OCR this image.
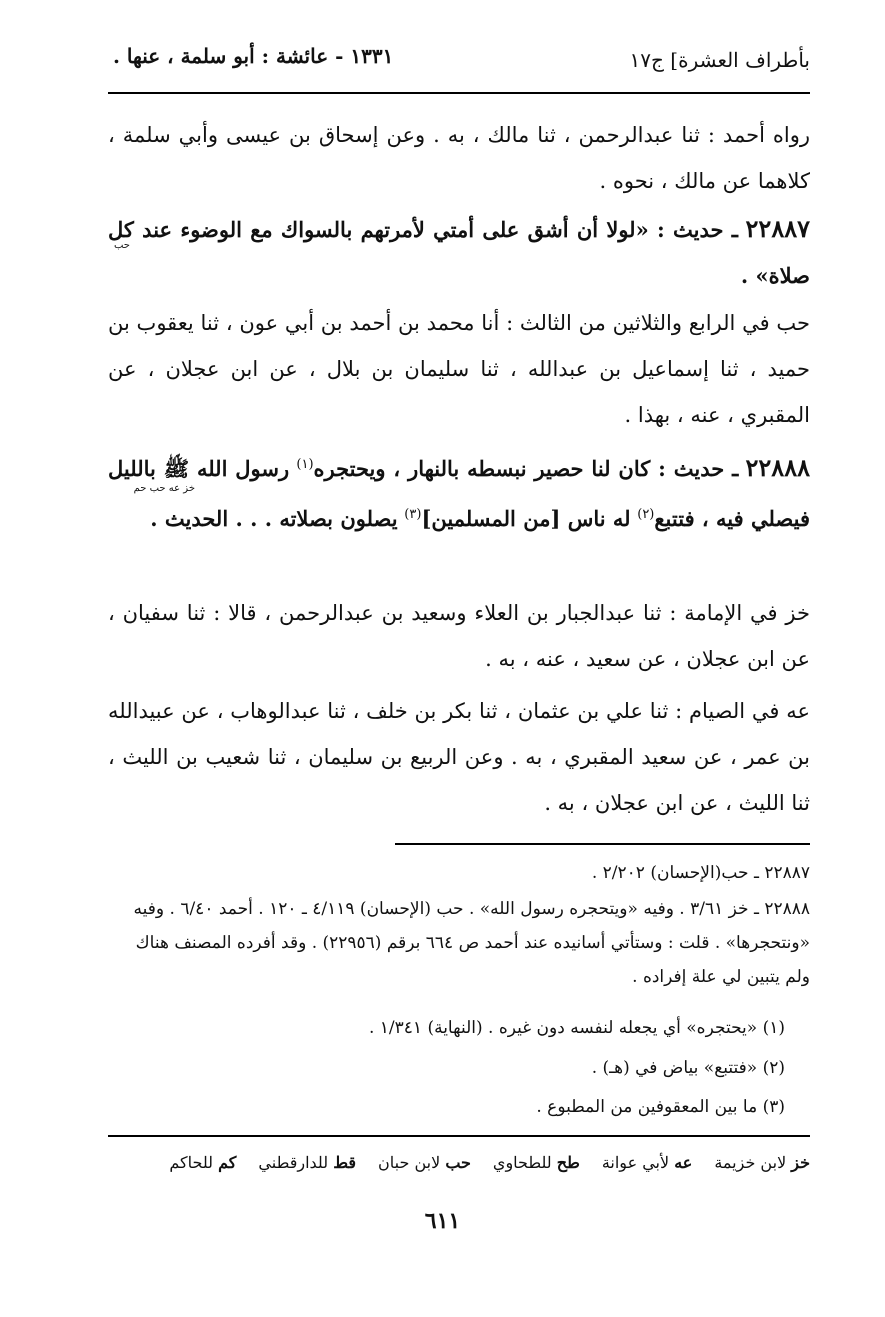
بأطراف العشرة] ج١٧
١٣٣١ - عائشة : أبو سلمة ، عنها .
رواه أحمد : ثنا عبدالرحمن ، ثنا مالك ، به . وعن إسحاق بن عيسى وأبي سلمة ، كلاهما عن مالك ، نحوه .
٢٢٨٨٧ ـ حديث : «لولا أن أشق على أمتي لأمرتهم بالسواك مع الوضوء عند كل صلاة» .
حب
حب في الرابع والثلاثين من الثالث : أنا محمد بن أحمد بن أبي عون ، ثنا يعقوب بن حميد ، ثنا إسماعيل بن عبدالله ، ثنا سليمان بن بلال ، عن ابن عجلان ، عن المقبري ، عنه ، بهذا .
٢٢٨٨٨ ـ حديث : كان لنا حصير نبسطه بالنهار ، ويحتجره$^{(١)}$ رسول الله ﷺ بالليل فيصلي فيه ، فتتبع$^{(٢)}$ له ناس [من المسلمين]$^{(٣)}$ يصلون بصلاته . . . الحديث .
خز عه حب حم
خز في الإمامة : ثنا عبدالجبار بن العلاء وسعيد بن عبدالرحمن ، قالا : ثنا سفيان ، عن ابن عجلان ، عن سعيد ، عنه ، به .
عه في الصيام : ثنا علي بن عثمان ، ثنا بكر بن خلف ، ثنا عبدالوهاب ، عن عبيدالله بن عمر ، عن سعيد المقبري ، به . وعن الربيع بن سليمان ، ثنا شعيب بن الليث ، ثنا الليث ، عن ابن عجلان ، به .
٢٢٨٨٧ ـ حب(الإحسان) ٢/٢٠٢ .
٢٢٨٨٨ ـ خز ٣/٦١ . وفيه «ويتحجره رسول الله» . حب (الإحسان) ٤/١١٩ ـ ١٢٠ . أحمد ٦/٤٠ . وفيه «ونتحجرها» . قلت : وستأتي أسانيده عند أحمد ص ٦٦٤ برقم (٢٢٩٥٦) . وقد أفرده المصنف هناك ولم يتبين لي علة إفراده .
(١) «يحتجره» أي يجعله لنفسه دون غيره . (النهاية) ١/٣٤١ .
(٢) «فتتبع» بياض في (هـ) .
(٣) ما بين المعقوفين من المطبوع .
خز لابن خزيمة
عه لأبي عوانة
طح للطحاوي
حب لابن حبان
قط للدارقطني
كم للحاكم
٦١١
